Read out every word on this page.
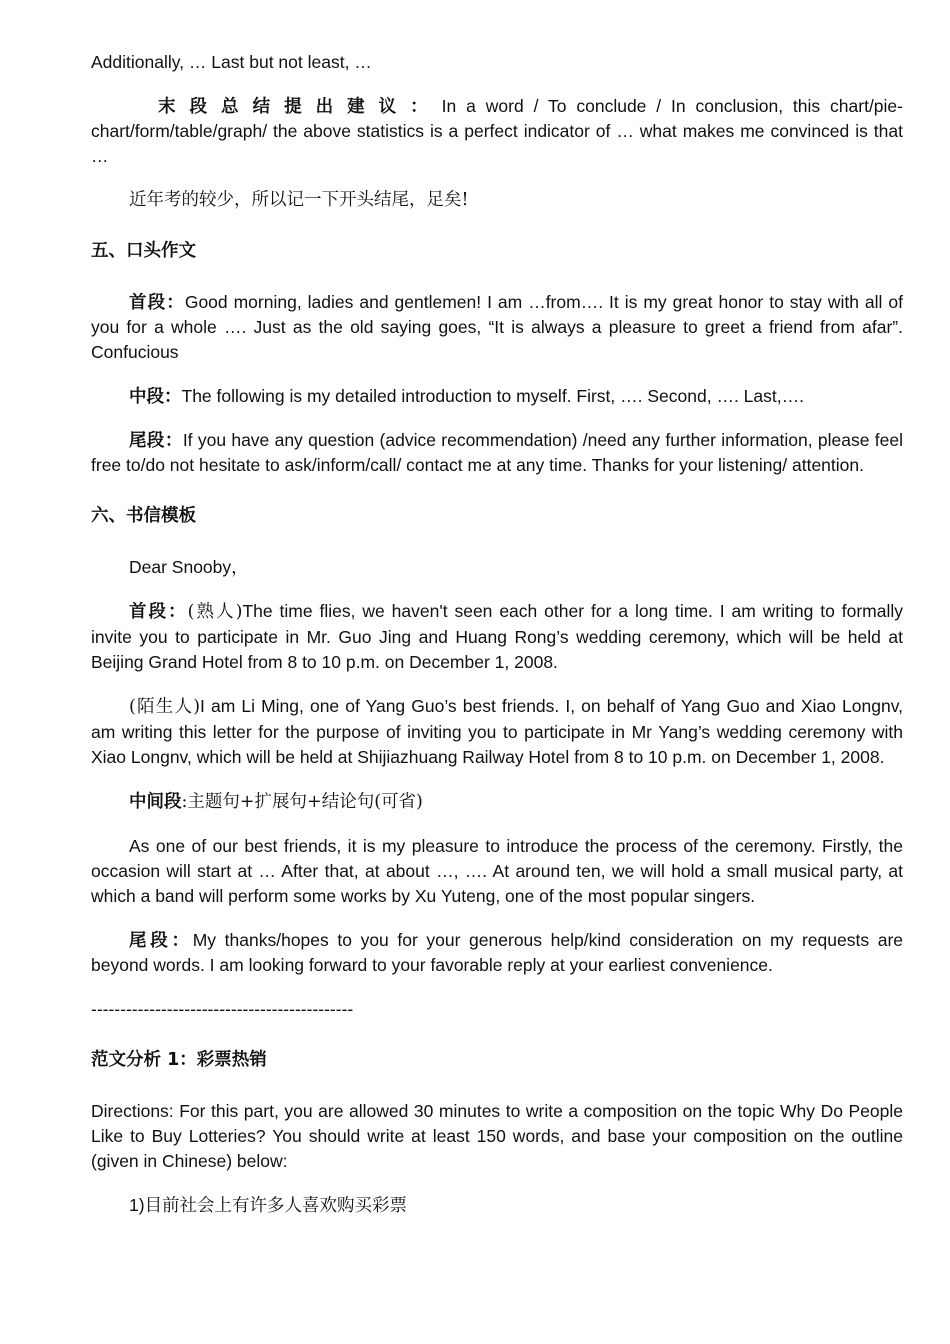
Additionally, … Last but not least, …

末段总结提出建议：In a word / To conclude / In conclusion, this chart/pie-chart/form/table/graph/ the above statistics is a perfect indicator of … what makes me convinced is that …

近年考的较少，所以记一下开头结尾，足矣!

五、口头作文

首段：Good morning, ladies and gentlemen! I am …from…. It is my great honor to stay with all of you for a whole …. Just as the old saying goes, “It is always a pleasure to greet a friend from afar”. Confucious

中段：The following is my detailed introduction to myself. First, …. Second, …. Last,….

尾段：If you have any question (advice recommendation) /need any further information, please feel free to/do not hesitate to ask/inform/call/ contact me at any time. Thanks for your listening/ attention.

六、书信模板

Dear Snooby，

首段：(熟人)The time flies, we haven't seen each other for a long time. I am writing to formally invite you to participate in Mr. Guo Jing and Huang Rong’s wedding ceremony, which will be held at Beijing Grand Hotel from 8 to 10 p.m. on December 1, 2008.

(陌生人)I am Li Ming, one of Yang Guo’s best friends. I, on behalf of Yang Guo and Xiao Longnv, am writing this letter for the purpose of inviting you to participate in Mr Yang’s wedding ceremony with Xiao Longnv, which will be held at Shijiazhuang Railway Hotel from 8 to 10 p.m. on December 1, 2008.

中间段:主题句+扩展句+结论句(可省)

As one of our best friends, it is my pleasure to introduce the process of the ceremony. Firstly, the occasion will start at … After that, at about …, …. At around ten, we will hold a small musical party, at which a band will perform some works by Xu Yuteng, one of the most popular singers.

尾段：My thanks/hopes to you for your generous help/kind consideration on my requests are beyond words. I am looking forward to your favorable reply at your earliest convenience.

---------------------------------------------

范文分析 1：彩票热销

Directions: For this part, you are allowed 30 minutes to write a composition on the topic Why Do People Like to Buy Lotteries? You should write at least 150 words, and base your composition on the outline (given in Chinese) below:

1)目前社会上有许多人喜欢购买彩票
